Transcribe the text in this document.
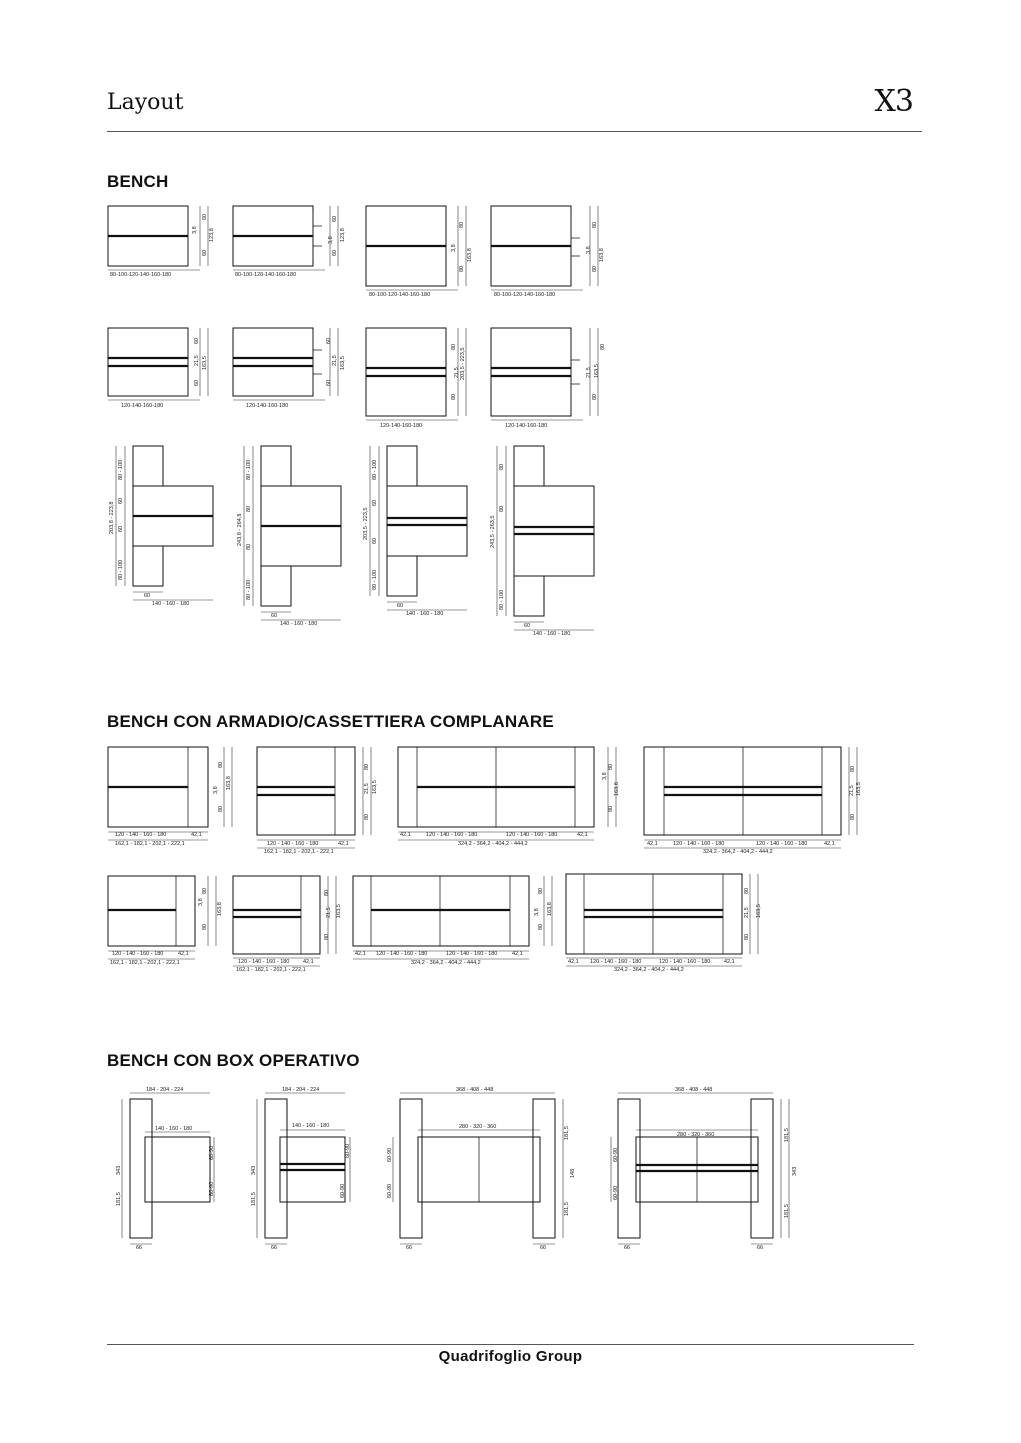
Layout	X3
BENCH
BENCH CON ARMADIO/CASSETTIERA COMPLANARE
BENCH CON BOX OPERATIVO
80-100-120-140-160-180
60
60
3,8 123,8
80-100-120-140-160-180
60
60
3,8 123,8
80-100-120-140-160-180
80
80
3,8
163,8
80-100-120-140-160-180
80
80
3,8 163,8
120-140-160-180
60
60
21,5 163,5
120-140-160-180
60
60
21,5 163,5
120-140-160-180
80
80
21,5 203,5 - 223,5
120-140-160-180
80
80
21,5 163,5
80 - 100
80 - 100
60
60
203,8 - 223,8
60
140 - 160 - 180
80 - 100
80 - 100
80
80
243,8 - 264,8
60
140 - 160 - 180
80 - 100
80 - 100
60
60
203,5 - 223,5
60
140 - 160 - 180
80
80 - 100
80
243,5 - 263,5
60
140 - 160 - 180
120 - 140 - 160 - 180	42,1
162,1 - 182,1 - 202,1 - 222,1
80
80
3,8
163,8
120 - 140 - 160 - 180	42,1
162,1 - 182,1 - 202,1 - 222,1
80
80
21,5 163,5
42,1	120 - 140 - 160 - 180	120 - 140 - 160 - 180	42,1
324,2 - 364,2 - 404,2 - 444,2
3,8
80
80
163,8
42,1	120 - 140 - 160 - 180	120 - 140 - 160 - 180	42,1
324,2 - 364,2 - 404,2 - 444,2
80
80
21,5 163,5
120 - 140 - 160 - 180	42,1
162,1 - 182,1 - 202,1 - 222,1
80
80
3,8
163,8
120 - 140 - 160 - 180 42,1
162,1 - 182,1 - 202,1 - 222,1
80
80
21,5 163,5
42,1 120 - 140 - 160 - 180	120 - 140 - 160 - 180	42,1
324,2 - 364,2 - 404,2 - 444,2
80
80
3,8 163,8
42,1 120 - 140 - 160 - 180	120 - 140 - 160 - 180 42,1
324,2 - 364,2 - 404,2 - 444,2
80
80
21,5 163,5
184 - 204 - 224
140 - 160 - 180
343
181,5
60-90
60-90
66
184 - 204 - 224
140 - 160 - 180
343
181,5
60-90
60-90
66
368 - 408 - 448
280 - 320 - 360
60-90
60-90
181,5
148
181,5
66	66
368 - 408 - 448
280 - 320 - 360
60-90
60-90
181,5
343
181,5
66	66
Quadrifoglio Group
